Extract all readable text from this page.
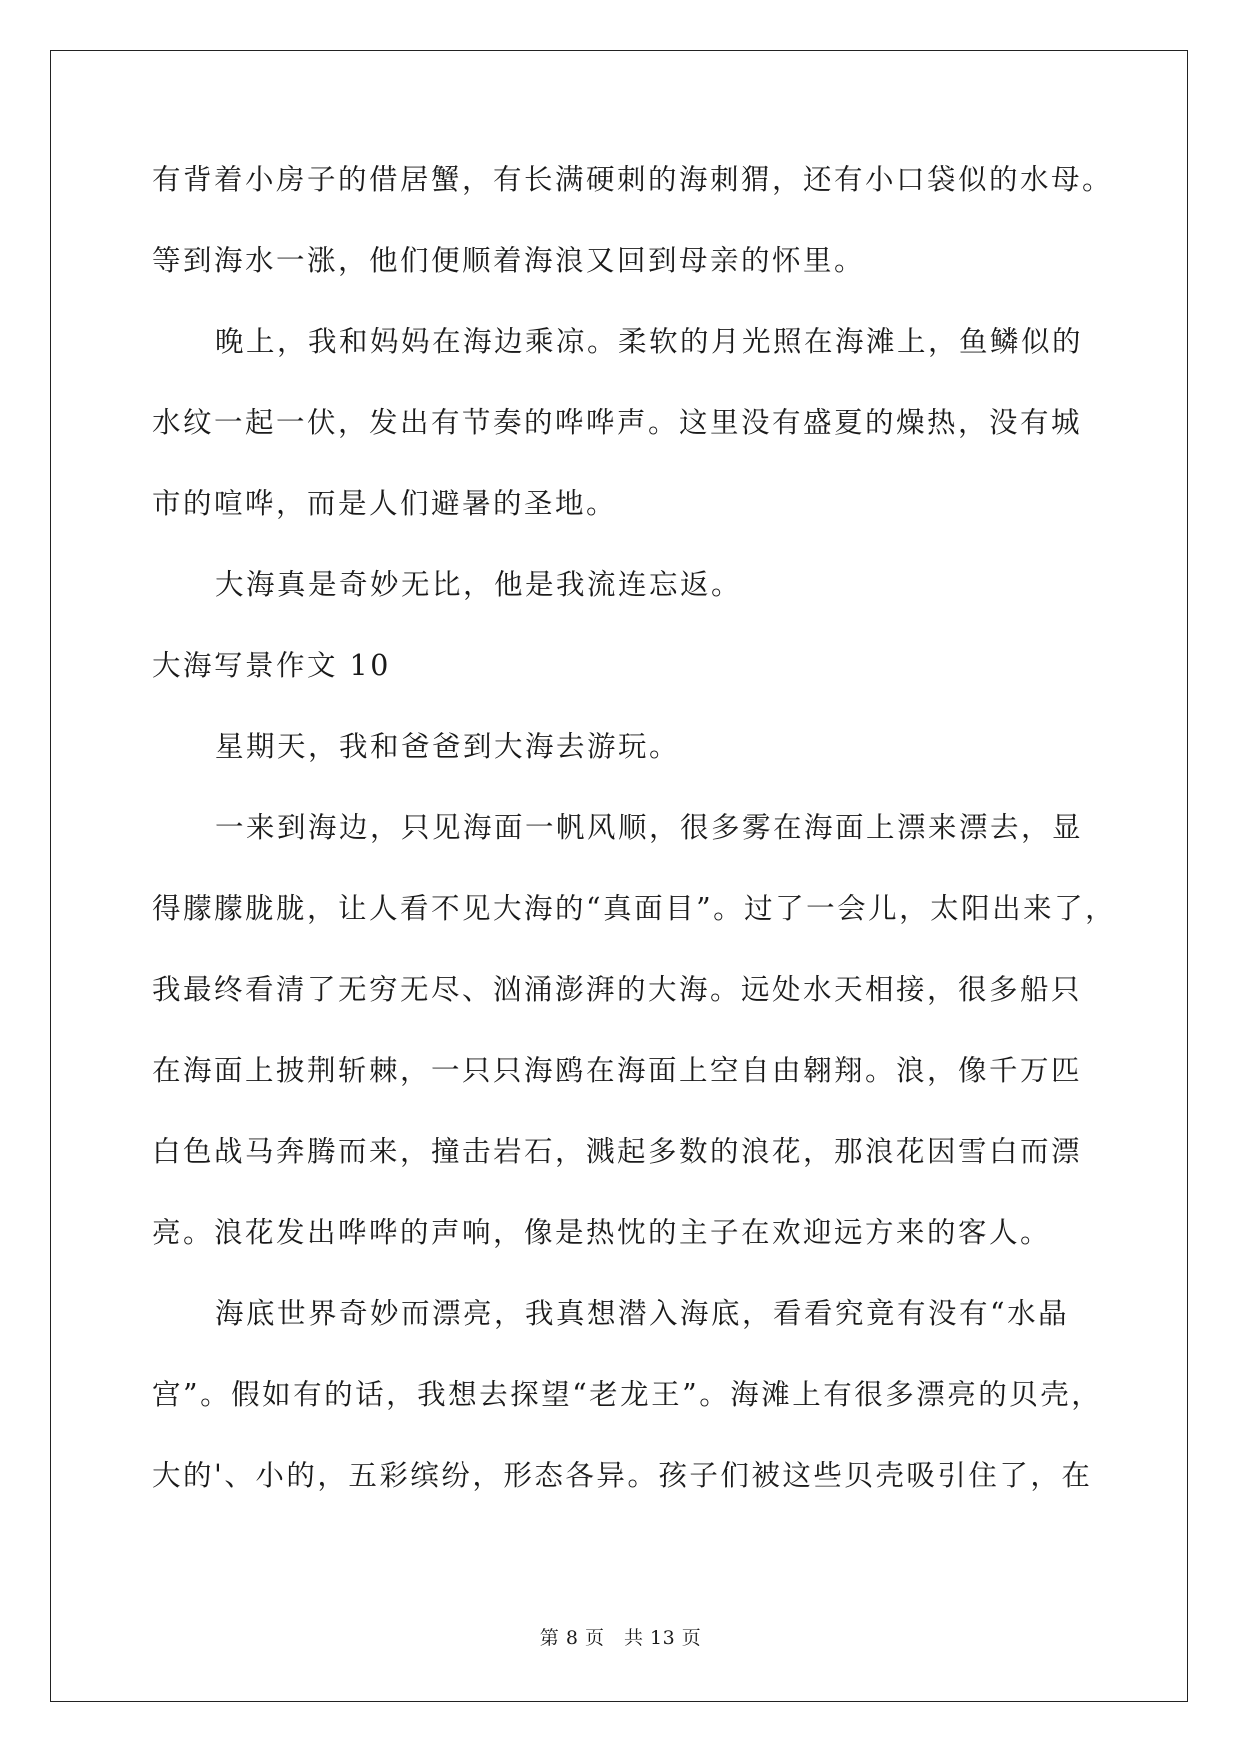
有背着小房子的借居蟹，有长满硬刺的海刺猬，还有小口袋似的水母。
等到海水一涨，他们便顺着海浪又回到母亲的怀里。
晚上，我和妈妈在海边乘凉。柔软的月光照在海滩上，鱼鳞似的
水纹一起一伏，发出有节奏的哗哗声。这里没有盛夏的燥热，没有城
市的喧哗，而是人们避暑的圣地。
大海真是奇妙无比，他是我流连忘返。
大海写景作文 10
星期天，我和爸爸到大海去游玩。
一来到海边，只见海面一帆风顺，很多雾在海面上漂来漂去，显
得朦朦胧胧，让人看不见大海的“真面目”。过了一会儿，太阳出来了，
我最终看清了无穷无尽、汹涌澎湃的大海。远处水天相接，很多船只
在海面上披荆斩棘，一只只海鸥在海面上空自由翱翔。浪，像千万匹
白色战马奔腾而来，撞击岩石，溅起多数的浪花，那浪花因雪白而漂
亮。浪花发出哗哗的声响，像是热忱的主子在欢迎远方来的客人。
海底世界奇妙而漂亮，我真想潜入海底，看看究竟有没有“水晶
宫”。假如有的话，我想去探望“老龙王”。海滩上有很多漂亮的贝壳，
大的'、小的，五彩缤纷，形态各异。孩子们被这些贝壳吸引住了，在
第 8 页　共 13 页
